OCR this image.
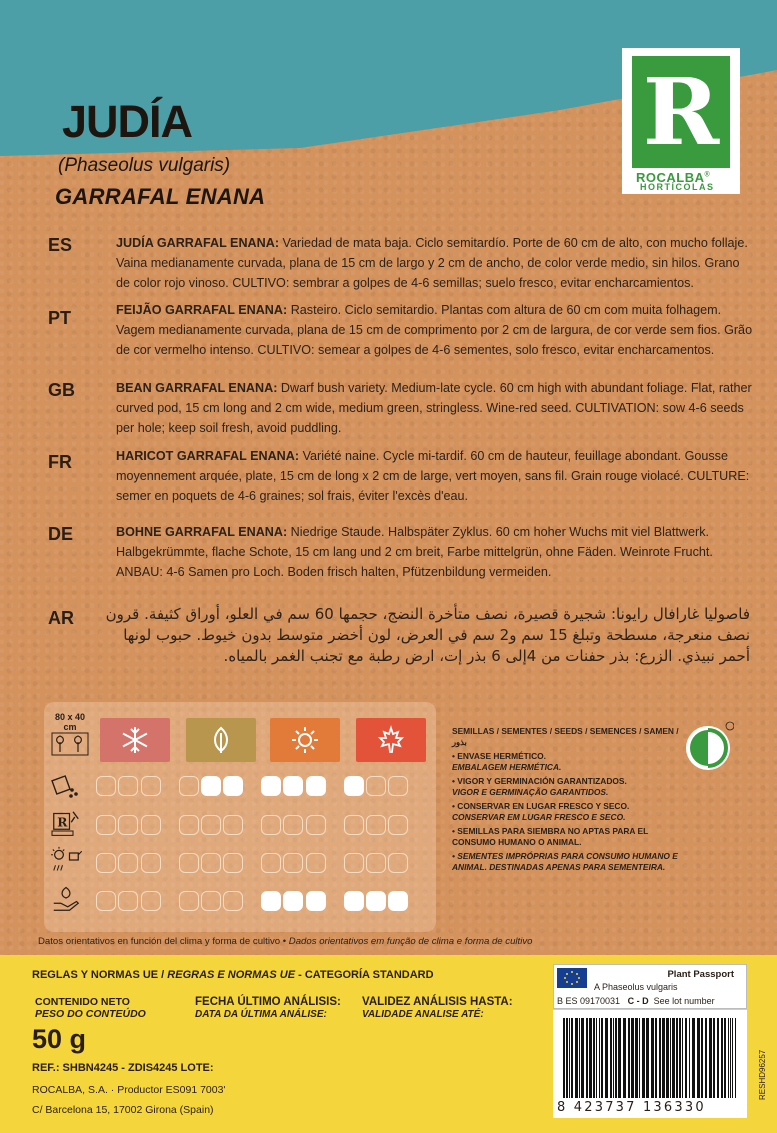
R
ROCALBA®
HORTÍCOLAS
JUDÍA
(Phaseolus vulgaris)
GARRAFAL ENANA
ES	JUDÍA GARRAFAL ENANA: Variedad de mata baja. Ciclo semitardío. Porte de 60 cm de alto, con mucho follaje. Vaina medianamente curvada, plana de 15 cm de largo y 2 cm de ancho, de color verde medio, sin hilos. Grano de color rojo vinoso. CULTIVO: sembrar a golpes de 4-6 semillas; suelo fresco, evitar encharcamientos.
PT	FEIJÃO GARRAFAL ENANA: Rasteiro. Ciclo semitardio. Plantas com altura de 60 cm com muita folhagem. Vagem medianamente curvada, plana de 15 cm de comprimento por 2 cm de largura, de cor verde sem fios. Grão de cor vermelho intenso. CULTIVO: semear a golpes de 4-6 sementes, solo fresco, evitar encharcamentos.
GB	BEAN GARRAFAL ENANA: Dwarf bush variety. Medium-late cycle. 60 cm high with abundant foliage. Flat, rather curved pod, 15 cm long and 2 cm wide, medium green, stringless. Wine-red seed. CULTIVATION: sow 4-6 seeds per hole; keep soil fresh, avoid puddling.
FR	HARICOT GARRAFAL ENANA: Variété naine. Cycle mi-tardif. 60 cm de hauteur, feuillage abondant. Gousse moyennement arquée, plate, 15 cm de long x 2 cm de large, vert moyen, sans fil. Grain rouge violacé. CULTURE: semer en poquets de 4-6 graines; sol frais, éviter l'excès d'eau.
DE	BOHNE GARRAFAL ENANA: Niedrige Staude. Halbspäter Zyklus. 60 cm hoher Wuchs mit viel Blattwerk. Halbgekrümmte, flache Schote, 15 cm lang und 2 cm breit, Farbe mittelgrün, ohne Fäden. Weinrote Frucht. ANBAU: 4-6 Samen pro Loch. Boden frisch halten, Pfützenbildung vermeiden.
AR	فاصوليا غارافال رايونا: شجيرة قصيرة، نصف متأخرة النضج، حجمها 60 سم في العلو، أوراق كثيفة. قرون نصف منعرجة، مسطحة وتبلغ 15 سم و2 سم في العرض، لون أخضر متوسط بدون خيوط. حبوب لونها أحمر نبيذي. الزرع: بذر حفنات من 4إلى 6 بذر إت، ارض رطبة مع تجنب الغمر بالمياه.
80 x 40
cm
R
SEMILLAS / SEMENTES / SEEDS / SEMENCES / SAMEN / بذور
• ENVASE HERMÉTICO.
EMBALAGEM HERMÉTICA.
• VIGOR Y GERMINACIÓN GARANTIZADOS.
VIGOR E GERMINAÇÃO GARANTIDOS.
• CONSERVAR EN LUGAR FRESCO Y SECO.
CONSERVAR EM LUGAR FRESCO E SECO.
• SEMILLAS PARA SIEMBRA NO APTAS PARA EL CONSUMO HUMANO O ANIMAL.
• SEMENTES IMPRÓPRIAS PARA CONSUMO HUMANO E ANIMAL. DESTINADAS APENAS PARA SEMENTEIRA.
Datos orientativos en función del clima y forma de cultivo • Dados orientativos em função de clima e forma de cultivo
REGLAS Y NORMAS UE / REGRAS E NORMAS UE - CATEGORÍA STANDARD
CONTENIDO NETO
PESO DO CONTEÚDO
50 g
FECHA ÚLTIMO ANÁLISIS:
DATA DA ÚLTIMA ANÁLISE:
VALIDEZ ANÁLISIS HASTA:
VALIDADE ANALISE ATÉ:
REF.: SHBN4245 - ZDIS4245 LOTE:
ROCALBA, S.A. · Productor ES091 7003'
C/ Barcelona 15, 17002 Girona (Spain)
Plant Passport
A Phaseolus vulgaris
B ES 09170031 C - D See lot number
8 423737 136330
RESHD96257
